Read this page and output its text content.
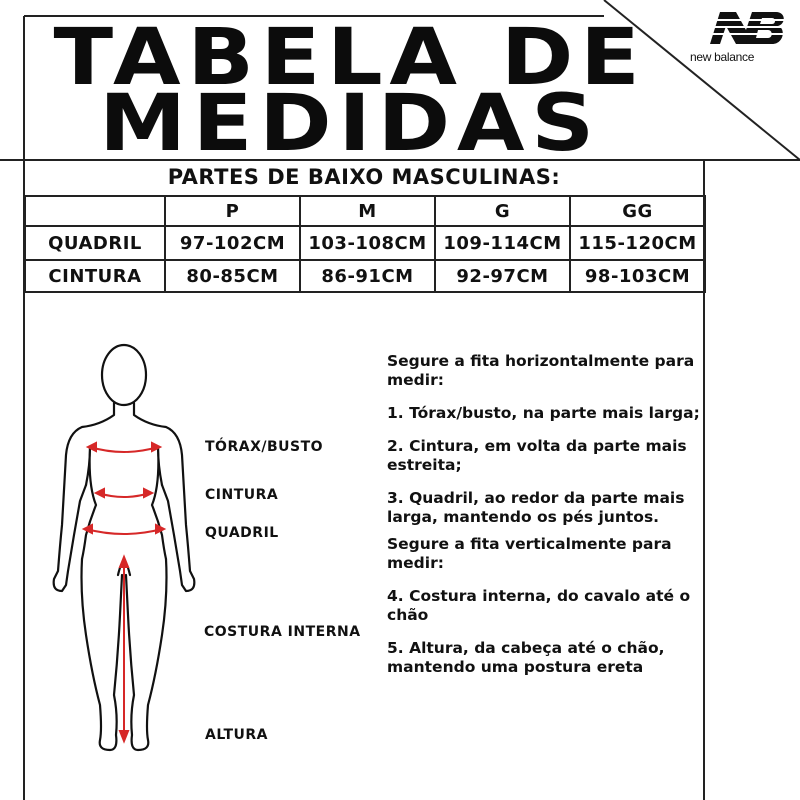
TABELA DE
MEDIDAS
new balance
PARTES DE BAIXO MASCULINAS:
	P	M	G	GG
QUADRIL	97-102CM	103-108CM	109-114CM	115-120CM
CINTURA	80-85CM	86-91CM	92-97CM	98-103CM
TÓRAX/BUSTO
CINTURA
QUADRIL
COSTURA INTERNA
ALTURA

Segure a fita horizontalmente para medir:

1. Tórax/busto, na parte mais larga;

2. Cintura, em volta da parte mais estreita;

3. Quadril, ao redor da parte mais larga, mantendo os pés juntos.

Segure a fita verticalmente para medir:

4. Costura interna, do cavalo até o chão

5. Altura, da cabeça até o chão, mantendo uma postura ereta
